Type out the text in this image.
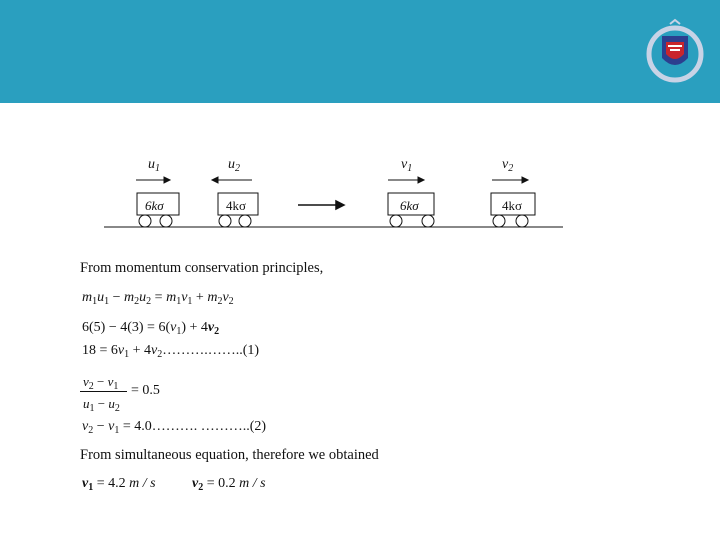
$u_1$	$u_2$	$v_1$	$v_2$
6kσ	4kσ	6kσ	4kσ
From momentum conservation principles,
$m_1u_1 - m_2u_2 = m_1v_1 + m_2v_2$
$6(5) - 4(3) = 6(v_1) + 4v_2$
$18 = 6v_1$ + $4v_2\dots\dots\dots.\dots\dots..(1)$
$v_2 - v_1$
$u_1 - u_2$
= 0.5
$v_2 - v_1$ = 4.0………. ………..(2)
From simultaneous equation, therefore we obtained
$v_1 = 4.2$ m / s	$v_2 = 0.2$ m / s
